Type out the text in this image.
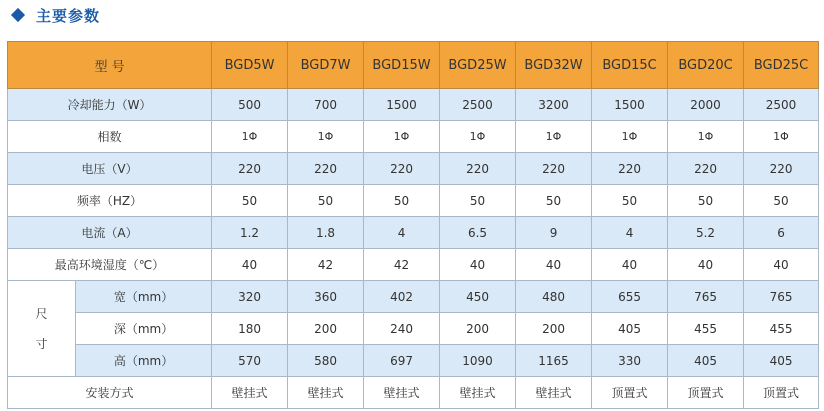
主要参数
型 号		BGD5W	BGD7W	BGD15W	BGD25W	BGD32W	BGD15C	BGD20C	BGD25C
冷却能力（W）		500	700	1500	2500	3200	1500	2000	2500
相数		1Φ	1Φ	1Φ	1Φ	1Φ	1Φ	1Φ	1Φ
电压（V）		220	220	220	220	220	220	220	220
频率（HZ）		50	50	50	50	50	50	50	50
电流（A）		1.2	1.8	4	6.5	9	4	5.2	6
最高环境湿度（℃）		40	42	42	40	40	40	40	40

尺
寸	宽（mm）	320	360	402	450	480	655	765	765
	深（mm）	180	200	240	200	200	405	455	455
	高（mm）	570	580	697	1090	1165	330	405	405
安装方式		壁挂式	壁挂式	壁挂式	壁挂式	壁挂式	顶置式	顶置式	顶置式
